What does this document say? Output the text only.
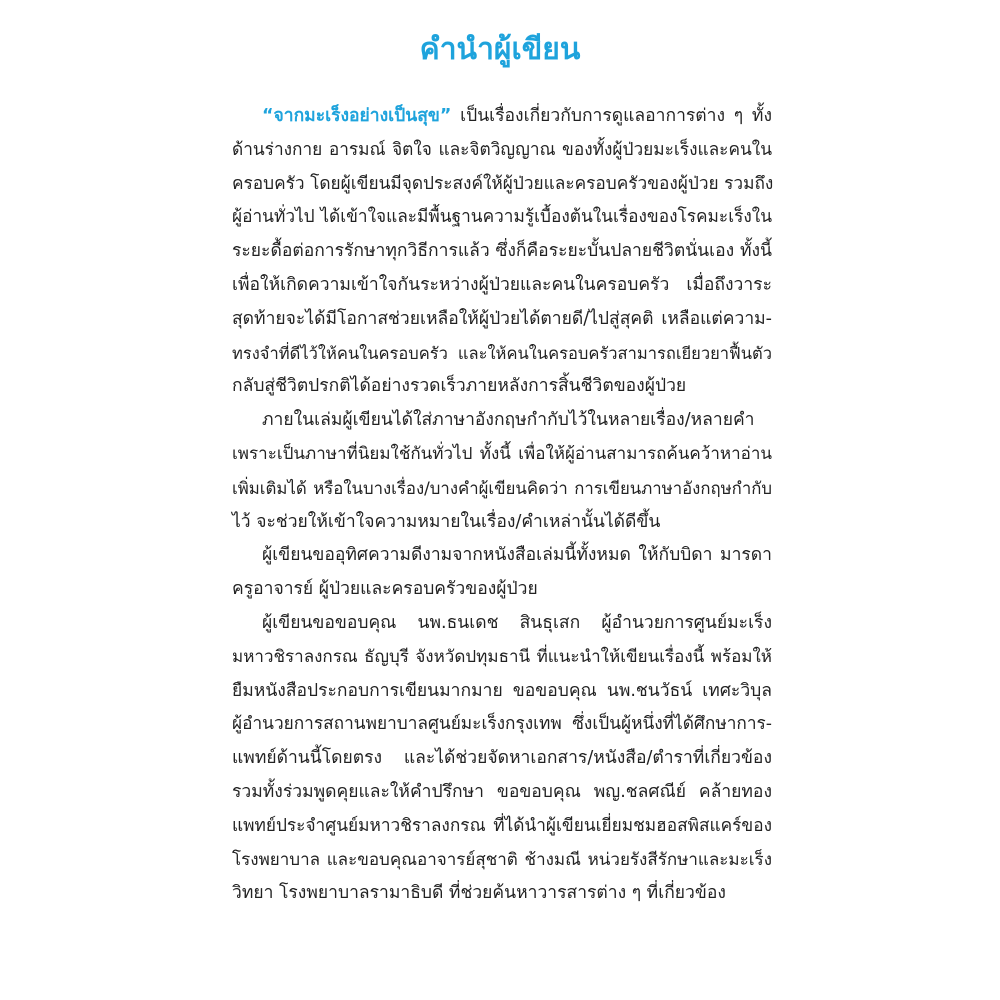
คำนำผู้เขียน
“จากมะเร็งอย่างเป็นสุข” เป็นเรื่องเกี่ยวกับการดูแลอาการต่าง ๆ ทั้ง
ด้านร่างกาย อารมณ์ จิตใจ และจิตวิญญาณ ของทั้งผู้ป่วยมะเร็งและคนใน
ครอบครัว โดยผู้เขียนมีจุดประสงค์ให้ผู้ป่วยและครอบครัวของผู้ป่วย รวมถึง
ผู้อ่านทั่วไป ได้เข้าใจและมีพื้นฐานความรู้เบื้องต้นในเรื่องของโรคมะเร็งใน
ระยะดื้อต่อการรักษาทุกวิธีการแล้ว ซึ่งก็คือระยะบั้นปลายชีวิตนั่นเอง ทั้งนี้
เพื่อให้เกิดความเข้าใจกันระหว่างผู้ป่วยและคนในครอบครัว เมื่อถึงวาระ
สุดท้ายจะได้มีโอกาสช่วยเหลือให้ผู้ป่วยได้ตายดี/ไปสู่สุคติ เหลือแต่ความ-
ทรงจำที่ดีไว้ให้คนในครอบครัว และให้คนในครอบครัวสามารถเยียวยาฟื้นตัว
กลับสู่ชีวิตปรกติได้อย่างรวดเร็วภายหลังการสิ้นชีวิตของผู้ป่วย
ภายในเล่มผู้เขียนได้ใส่ภาษาอังกฤษกำกับไว้ในหลายเรื่อง/หลายคำ
เพราะเป็นภาษาที่นิยมใช้กันทั่วไป ทั้งนี้ เพื่อให้ผู้อ่านสามารถค้นคว้าหาอ่าน
เพิ่มเติมได้ หรือในบางเรื่อง/บางคำผู้เขียนคิดว่า การเขียนภาษาอังกฤษกำกับ
ไว้ จะช่วยให้เข้าใจความหมายในเรื่อง/คำเหล่านั้นได้ดีขึ้น
ผู้เขียนขออุทิศความดีงามจากหนังสือเล่มนี้ทั้งหมด ให้กับบิดา มารดา
ครูอาจารย์ ผู้ป่วยและครอบครัวของผู้ป่วย
ผู้เขียนขอขอบคุณ นพ.ธนเดช สินธุเสก ผู้อำนวยการศูนย์มะเร็ง
มหาวชิราลงกรณ ธัญบุรี จังหวัดปทุมธานี ที่แนะนำให้เขียนเรื่องนี้ พร้อมให้
ยืมหนังสือประกอบการเขียนมากมาย ขอขอบคุณ นพ.ชนวัธน์ เทศะวิบุล
ผู้อำนวยการสถานพยาบาลศูนย์มะเร็งกรุงเทพ ซึ่งเป็นผู้หนึ่งที่ได้ศึกษาการ-
แพทย์ด้านนี้โดยตรง และได้ช่วยจัดหาเอกสาร/หนังสือ/ตำราที่เกี่ยวข้อง
รวมทั้งร่วมพูดคุยและให้คำปรึกษา ขอขอบคุณ พญ.ชลศณีย์ คล้ายทอง
แพทย์ประจำศูนย์มหาวชิราลงกรณ ที่ได้นำผู้เขียนเยี่ยมชมฮอสพิสแคร์ของ
โรงพยาบาล และขอบคุณอาจารย์สุชาติ ช้างมณี หน่วยรังสีรักษาและมะเร็ง
วิทยา โรงพยาบาลรามาธิบดี ที่ช่วยค้นหาวารสารต่าง ๆ ที่เกี่ยวข้อง
